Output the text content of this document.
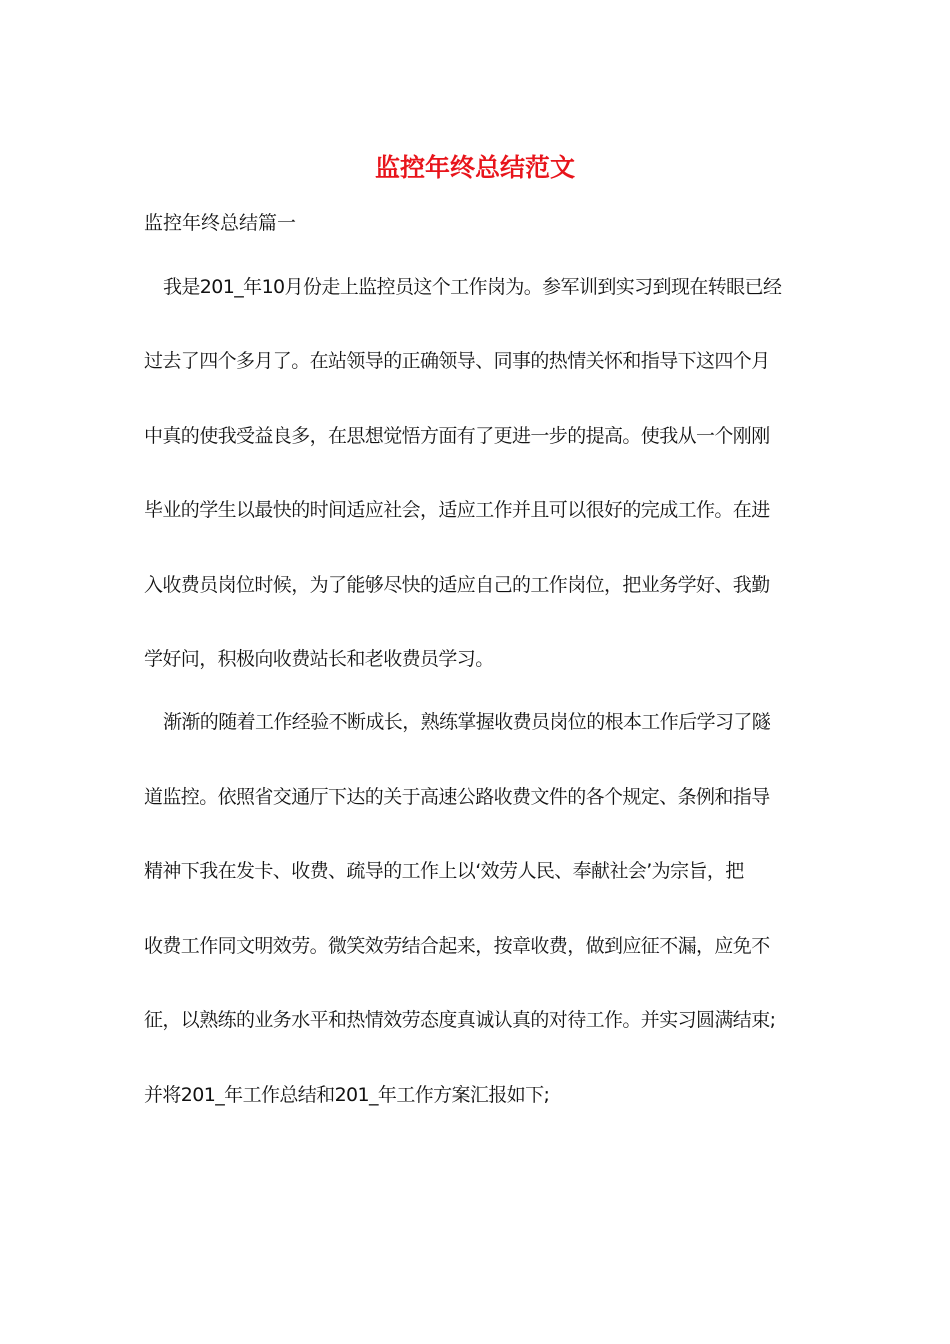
监控年终总结范文
监控年终总结篇一
我是201_年10月份走上监控员这个工作岗为。参军训到实习到现在转眼已经
过去了四个多月了。在站领导的正确领导、同事的热情关怀和指导下这四个月
中真的使我受益良多，在思想觉悟方面有了更进一步的提高。使我从一个刚刚
毕业的学生以最快的时间适应社会，适应工作并且可以很好的完成工作。在进
入收费员岗位时候，为了能够尽快的适应自己的工作岗位，把业务学好、我勤
学好问，积极向收费站长和老收费员学习。
渐渐的随着工作经验不断成长，熟练掌握收费员岗位的根本工作后学习了隧
道监控。依照省交通厅下达的关于高速公路收费文件的各个规定、条例和指导
精神下我在发卡、收费、疏导的工作上以‘效劳人民、奉献社会’为宗旨，把
收费工作同文明效劳。微笑效劳结合起来，按章收费，做到应征不漏，应免不
征，以熟练的业务水平和热情效劳态度真诚认真的对待工作。并实习圆满结束;
并将201_年工作总结和201_年工作方案汇报如下;
